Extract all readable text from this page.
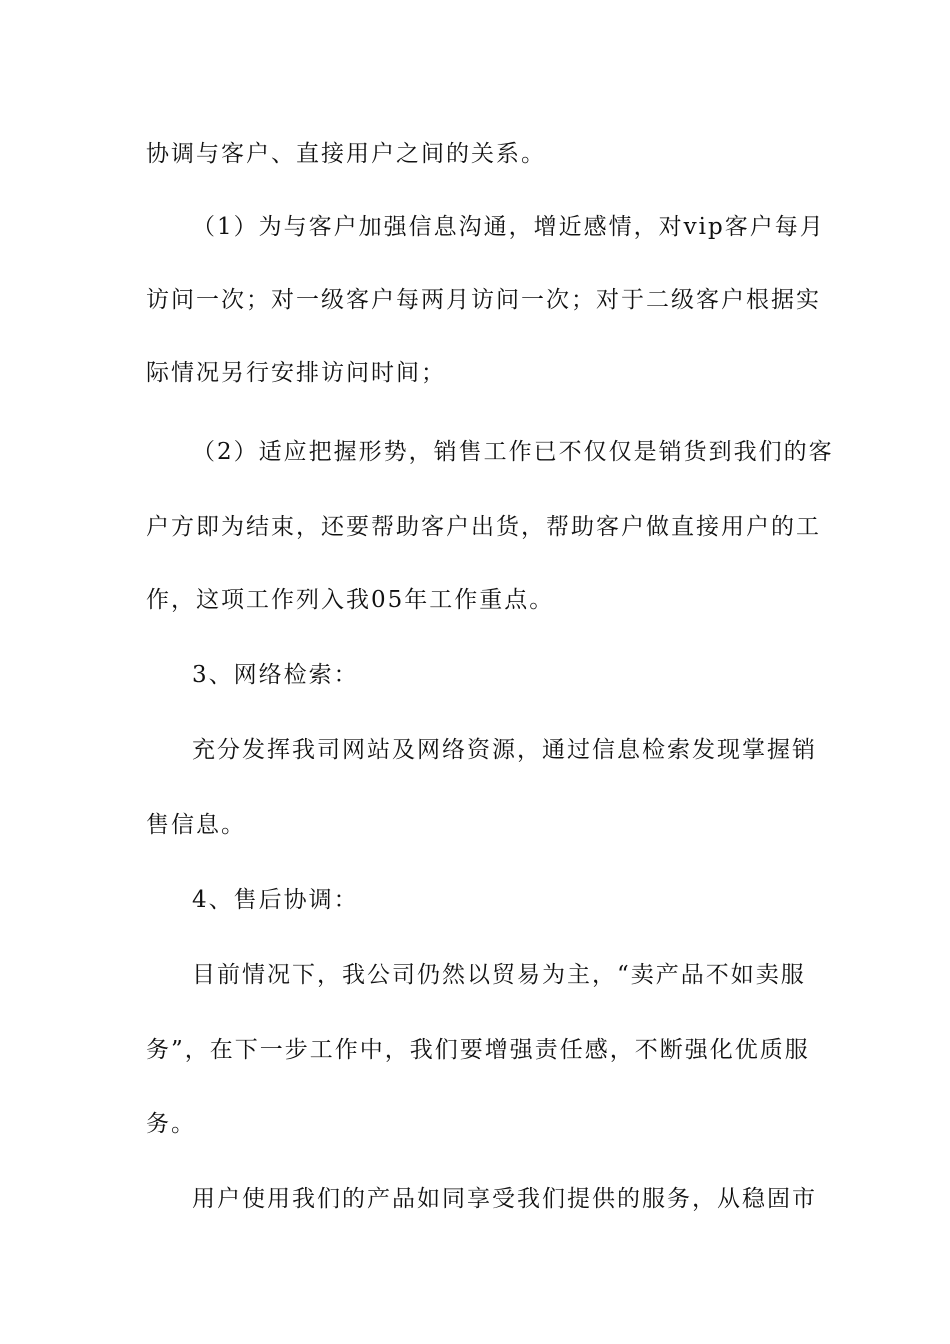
协调与客户、直接用户之间的关系。
（1）为与客户加强信息沟通，增近感情，对vip客户每月
访问一次；对一级客户每两月访问一次；对于二级客户根据实
际情况另行安排访问时间；
（2）适应把握形势，销售工作已不仅仅是销货到我们的客
户方即为结束，还要帮助客户出货，帮助客户做直接用户的工
作，这项工作列入我05年工作重点。
3、网络检索：
充分发挥我司网站及网络资源，通过信息检索发现掌握销
售信息。
4、售后协调：
目前情况下，我公司仍然以贸易为主，“卖产品不如卖服
务”，在下一步工作中，我们要增强责任感，不断强化优质服
务。
用户使用我们的产品如同享受我们提供的服务，从稳固市
